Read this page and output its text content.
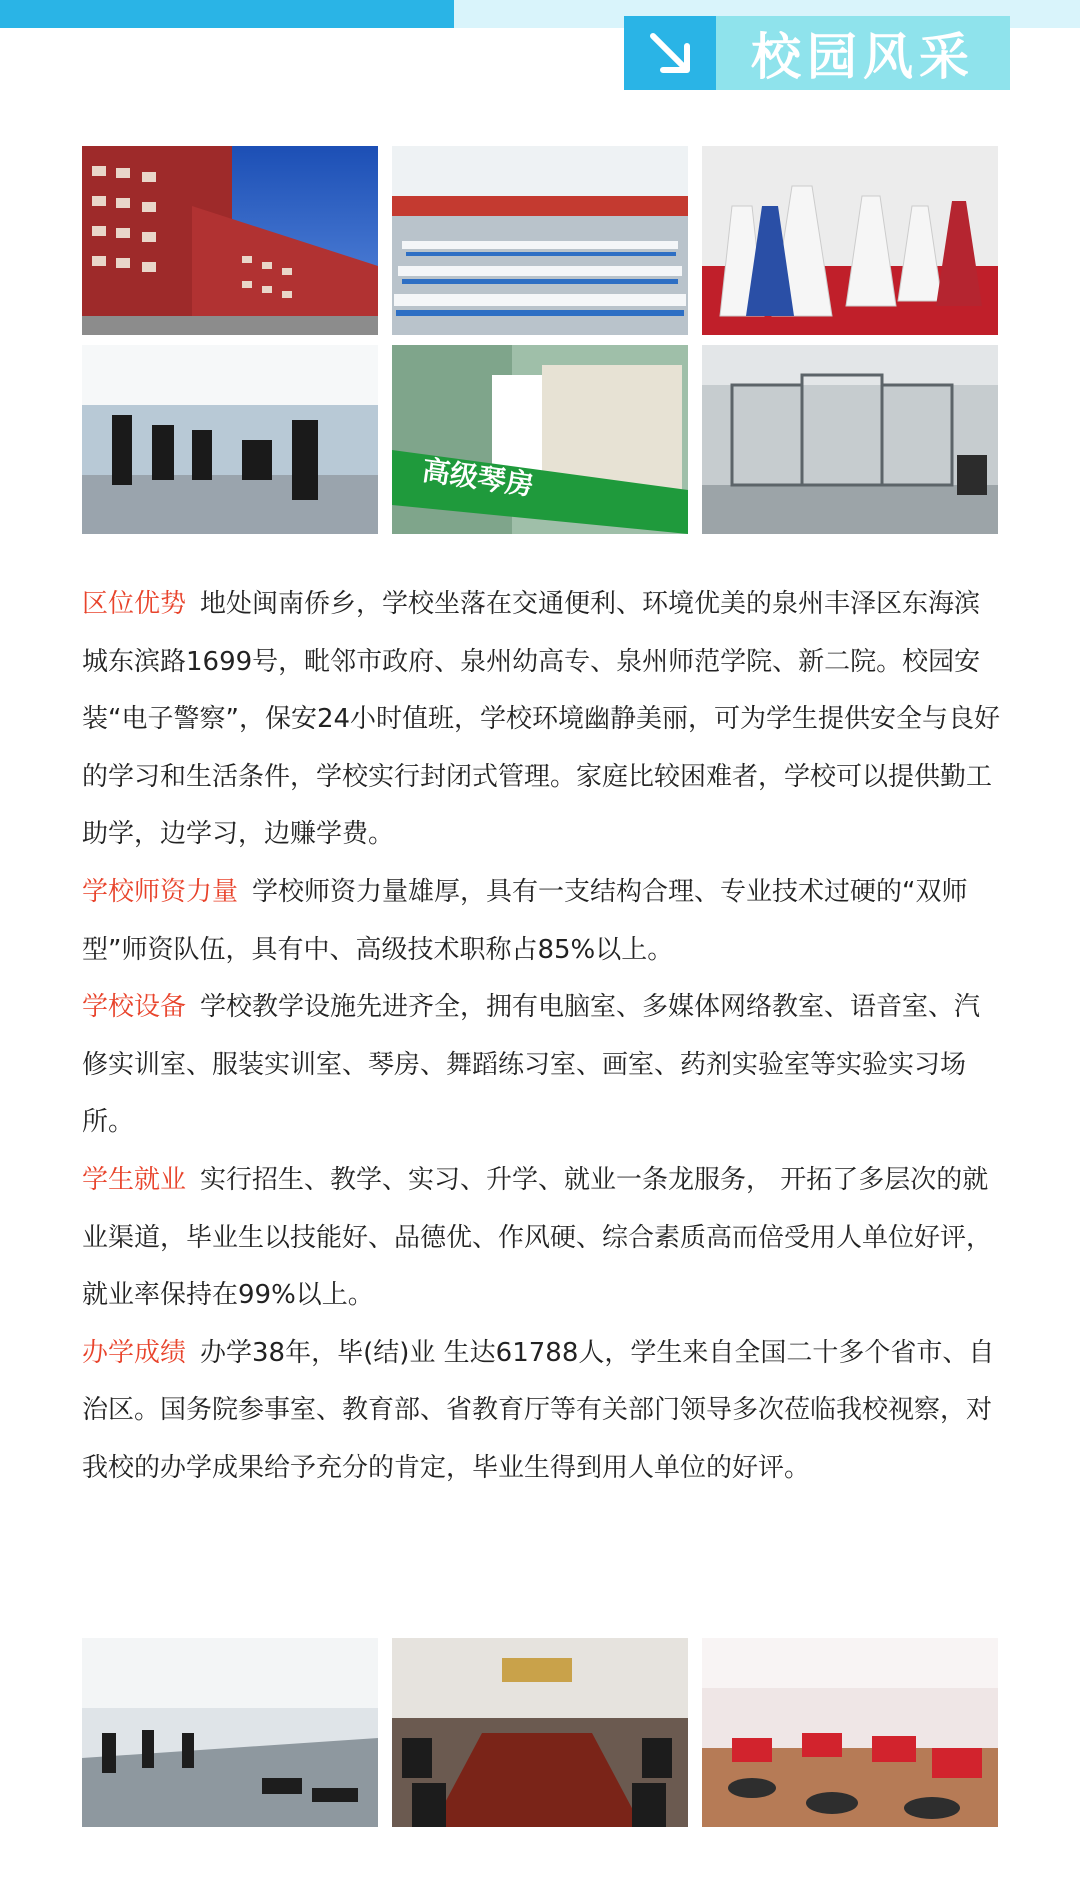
校园风采
高级琴房

区位优势 地处闽南侨乡，学校坐落在交通便利、环境优美的泉州丰泽区东海滨城东滨路1699号，毗邻市政府、泉州幼高专、泉州师范学院、新二院。校园安装“电子警察”，保安24小时值班，学校环境幽静美丽，可为学生提供安全与良好的学习和生活条件，学校实行封闭式管理。家庭比较困难者，学校可以提供勤工助学，边学习，边赚学费。

学校师资力量 学校师资力量雄厚，具有一支结构合理、专业技术过硬的“双师型”师资队伍，具有中、高级技术职称占85%以上。

学校设备 学校教学设施先进齐全，拥有电脑室、多媒体网络教室、语音室、汽修实训室、服装实训室、琴房、舞蹈练习室、画室、药剂实验室等实验实习场所。

学生就业 实行招生、教学、实习、升学、就业一条龙服务， 开拓了多层次的就业渠道，毕业生以技能好、品德优、作风硬、综合素质高而倍受用人单位好评，就业率保持在99%以上。

办学成绩 办学38年，毕(结)业 生达61788人，学生来自全国二十多个省市、自治区。国务院参事室、教育部、省教育厅等有关部门领导多次莅临我校视察，对我校的办学成果给予充分的肯定，毕业生得到用人单位的好评。
